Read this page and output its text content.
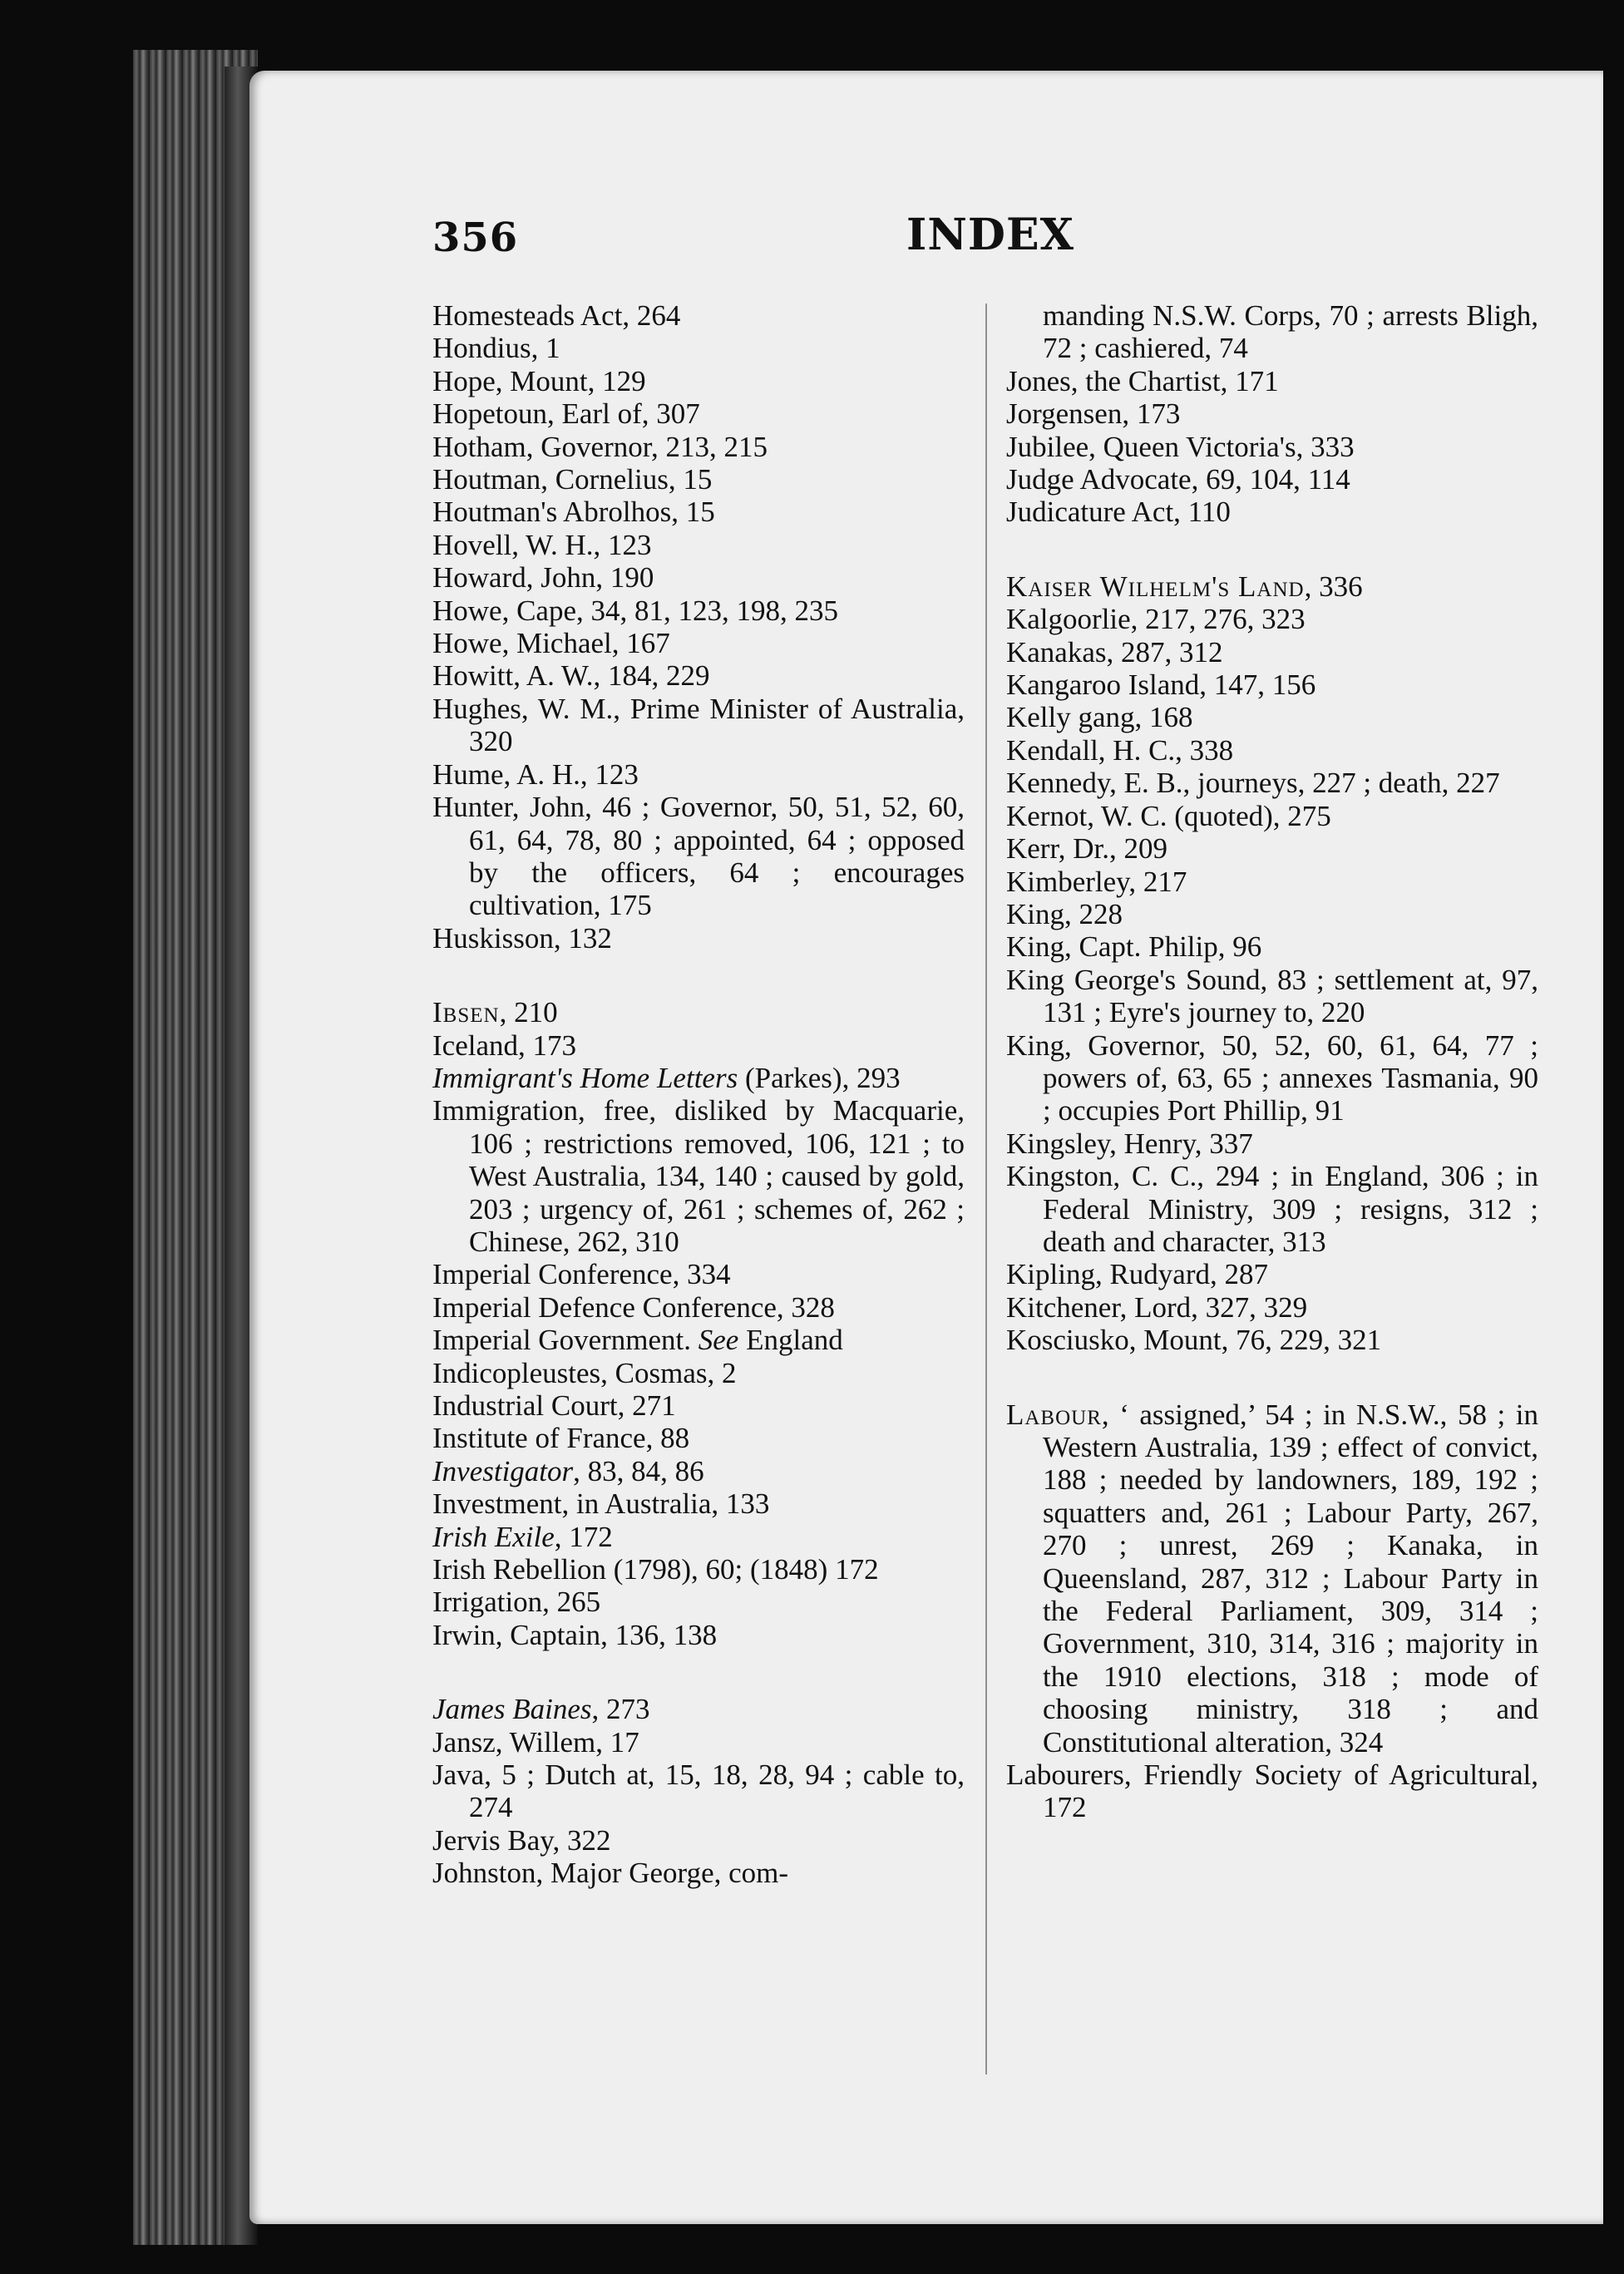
356	INDEX
Homesteads Act, 264
Hondius, 1
Hope, Mount, 129
Hopetoun, Earl of, 307
Hotham, Governor, 213, 215
Houtman, Cornelius, 15
Houtman's Abrolhos, 15
Hovell, W. H., 123
Howard, John, 190
Howe, Cape, 34, 81, 123, 198, 235
Howe, Michael, 167
Howitt, A. W., 184, 229
Hughes, W. M., Prime Minister of Australia, 320
Hume, A. H., 123
Hunter, John, 46 ; Governor, 50, 51, 52, 60, 61, 64, 78, 80 ; appointed, 64 ; opposed by the officers, 64 ; encourages cultivation, 175
Huskisson, 132
Ibsen, 210
Iceland, 173
Immigrant's Home Letters (Parkes), 293
Immigration, free, disliked by Macquarie, 106 ; restrictions removed, 106, 121 ; to West Australia, 134, 140 ; caused by gold, 203 ; urgency of, 261 ; schemes of, 262 ; Chinese, 262, 310
Imperial Conference, 334
Imperial Defence Conference, 328
Imperial Government. See England
Indicopleustes, Cosmas, 2
Industrial Court, 271
Institute of France, 88
Investigator, 83, 84, 86
Investment, in Australia, 133
Irish Exile, 172
Irish Rebellion (1798), 60; (1848) 172
Irrigation, 265
Irwin, Captain, 136, 138
James Baines, 273
Jansz, Willem, 17
Java, 5 ; Dutch at, 15, 18, 28, 94 ; cable to, 274
Jervis Bay, 322
Johnston, Major George, com-
manding N.S.W. Corps, 70 ; arrests Bligh, 72 ; cashiered, 74
Jones, the Chartist, 171
Jorgensen, 173
Jubilee, Queen Victoria's, 333
Judge Advocate, 69, 104, 114
Judicature Act, 110
Kaiser Wilhelm's Land, 336
Kalgoorlie, 217, 276, 323
Kanakas, 287, 312
Kangaroo Island, 147, 156
Kelly gang, 168
Kendall, H. C., 338
Kennedy, E. B., journeys, 227 ; death, 227
Kernot, W. C. (quoted), 275
Kerr, Dr., 209
Kimberley, 217
King, 228
King, Capt. Philip, 96
King George's Sound, 83 ; settlement at, 97, 131 ; Eyre's journey to, 220
King, Governor, 50, 52, 60, 61, 64, 77 ; powers of, 63, 65 ; annexes Tasmania, 90 ; occupies Port Phillip, 91
Kingsley, Henry, 337
Kingston, C. C., 294 ; in England, 306 ; in Federal Ministry, 309 ; resigns, 312 ; death and character, 313
Kipling, Rudyard, 287
Kitchener, Lord, 327, 329
Kosciusko, Mount, 76, 229, 321
Labour, ‘ assigned,’ 54 ; in N.S.W., 58 ; in Western Australia, 139 ; effect of convict, 188 ; needed by landowners, 189, 192 ; squatters and, 261 ; Labour Party, 267, 270 ; unrest, 269 ; Kanaka, in Queensland, 287, 312 ; Labour Party in the Federal Parliament, 309, 314 ; Government, 310, 314, 316 ; majority in the 1910 elections, 318 ; mode of choosing ministry, 318 ; and Constitutional alteration, 324
Labourers, Friendly Society of Agricultural, 172
